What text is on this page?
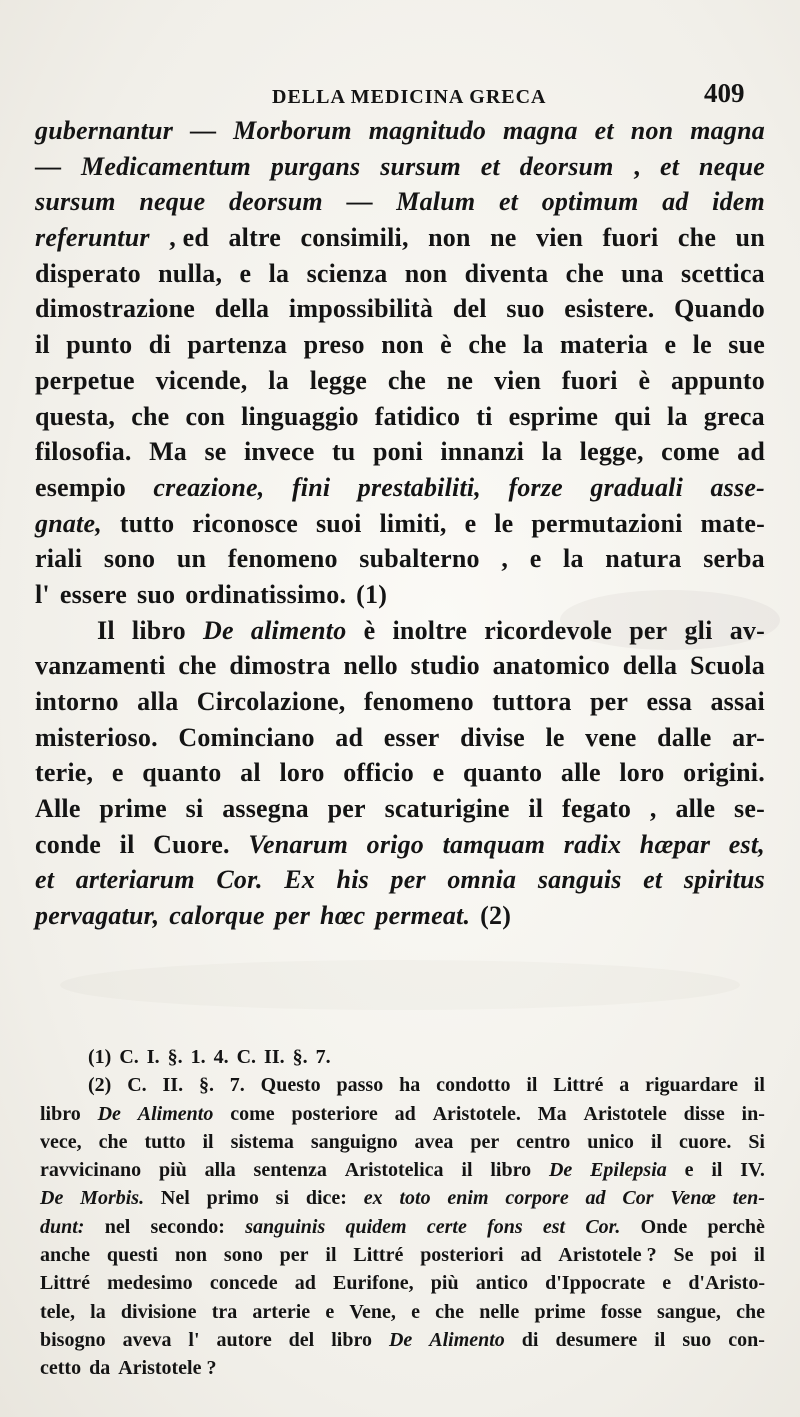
DELLA MEDICINA GRECA	409
gubernantur — Morborum magnitudo magna et non magna
— Medicamentum purgans sursum et deorsum , et neque
sursum neque deorsum — Malum et optimum ad idem
referuntur , ed altre consimili, non ne vien fuori che un
disperato nulla, e la scienza non diventa che una scettica
dimostrazione della impossibilità del suo esistere. Quando
il punto di partenza preso non è che la materia e le sue
perpetue vicende, la legge che ne vien fuori è appunto
questa, che con linguaggio fatidico ti esprime qui la greca
filosofia. Ma se invece tu poni innanzi la legge, come ad
esempio creazione, fini prestabiliti, forze graduali asse-
gnate, tutto riconosce suoi limiti, e le permutazioni mate-
riali sono un fenomeno subalterno , e la natura serba
l' essere suo ordinatissimo. (1)
Il libro De alimento è inoltre ricordevole per gli av-
vanzamenti che dimostra nello studio anatomico della Scuola
intorno alla Circolazione, fenomeno tuttora per essa assai
misterioso. Cominciano ad esser divise le vene dalle ar-
terie, e quanto al loro officio e quanto alle loro origini.
Alle prime si assegna per scaturigine il fegato , alle se-
conde il Cuore. Venarum origo tamquam radix hæpar est,
et arteriarum Cor. Ex his per omnia sanguis et spiritus
pervagatur, calorque per hœc permeat. (2)
(1) C. I. §. 1. 4. C. II. §. 7.
(2) C. II. §. 7. Questo passo ha condotto il Littré a riguardare il
libro De Alimento come posteriore ad Aristotele. Ma Aristotele disse in-
vece, che tutto il sistema sanguigno avea per centro unico il cuore. Si
ravvicinano più alla sentenza Aristotelica il libro De Epilepsia e il IV.
De Morbis. Nel primo si dice: ex toto enim corpore ad Cor Venœ ten-
dunt: nel secondo: sanguinis quidem certe fons est Cor. Onde perchè
anche questi non sono per il Littré posteriori ad Aristotele ? Se poi il
Littré medesimo concede ad Eurifone, più antico d'Ippocrate e d'Aristo-
tele, la divisione tra arterie e Vene, e che nelle prime fosse sangue, che
bisogno aveva l' autore del libro De Alimento di desumere il suo con-
cetto da Aristotele ?
